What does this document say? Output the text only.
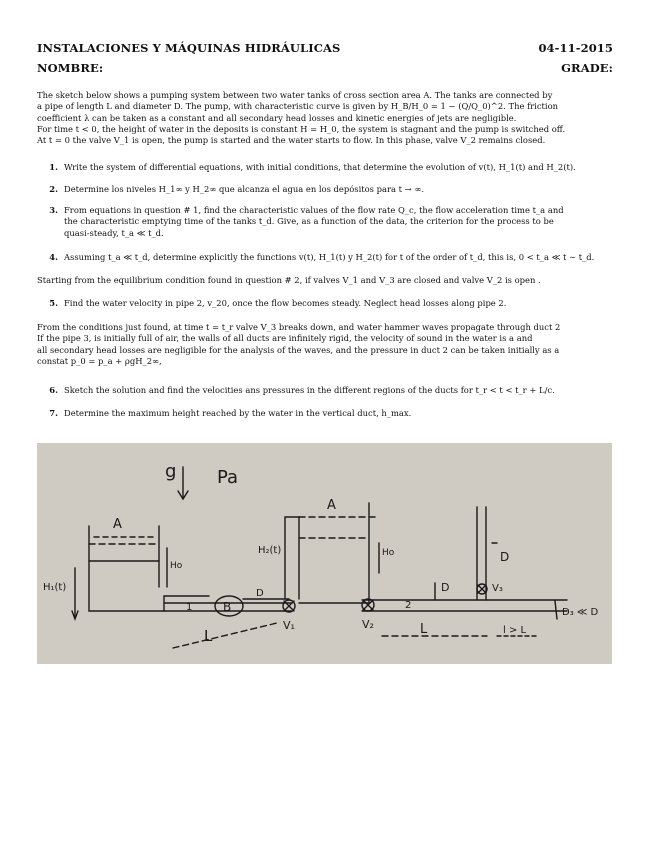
INSTALACIONES Y MÁQUINAS HIDRÁULICAS	04-11-2015
NOMBRE:	GRADE:
The sketch below shows a pumping system between two water tanks of cross section area A. The tanks are connected by
a pipe of length L and diameter D. The pump, with characteristic curve is given by H_B/H_0 = 1 − (Q/Q_0)^2. The friction
coefficient λ can be taken as a constant and all secondary head losses and kinetic energies of jets are negligible.
For time t < 0, the height of water in the deposits is constant H = H_0, the system is stagnant and the pump is switched off.
At t = 0 the valve V_1 is open, the pump is started and the water starts to flow. In this phase, valve V_2 remains closed.
1. Write the system of differential equations, with initial conditions, that determine the evolution of v(t), H_1(t) and H_2(t).
2. Determine los niveles H_1∞ y H_2∞ que alcanza el agua en los depósitos para t → ∞.
3. From equations in question # 1, find the characteristic values of the flow rate Q_c, the flow acceleration time t_a and
the characteristic emptying time of the tanks t_d. Give, as a function of the data, the criterion for the process to be
quasi-steady, t_a ≪ t_d.
4. Assuming t_a ≪ t_d, determine explicitly the functions v(t), H_1(t) y H_2(t) for t of the order of t_d, this is, 0 < t_a ≪ t ∼ t_d.
Starting from the equilibrium condition found in question # 2, if valves V_1 and V_3 are closed and valve V_2 is open .
5. Find the water velocity in pipe 2, v_20, once the flow becomes steady. Neglect head losses along pipe 2.
From the conditions just found, at time t = t_r valve V_3 breaks down, and water hammer waves propagate through duct 2
If the pipe 3, is initially full of air, the walls of all ducts are infinitely rigid, the velocity of sound in the water is a and
all secondary head losses are negligible for the analysis of the waves, and the pressure in duct 2 can be taken initially as a
constat p_0 = p_a + ρgH_2∞,
6. Sketch the solution and find the velocities ans pressures in the different regions of the ducts for t_r < t < t_r + L/c.
7. Determine the maximum height reached by the water in the vertical duct, h_max.
g Pa
A
A
Ho
H₁(t)
H₂(t)	Ho
1	B
D
V₁	V₂
2
D	V₃
D
D₃ ≪ D
L	L	l > L
